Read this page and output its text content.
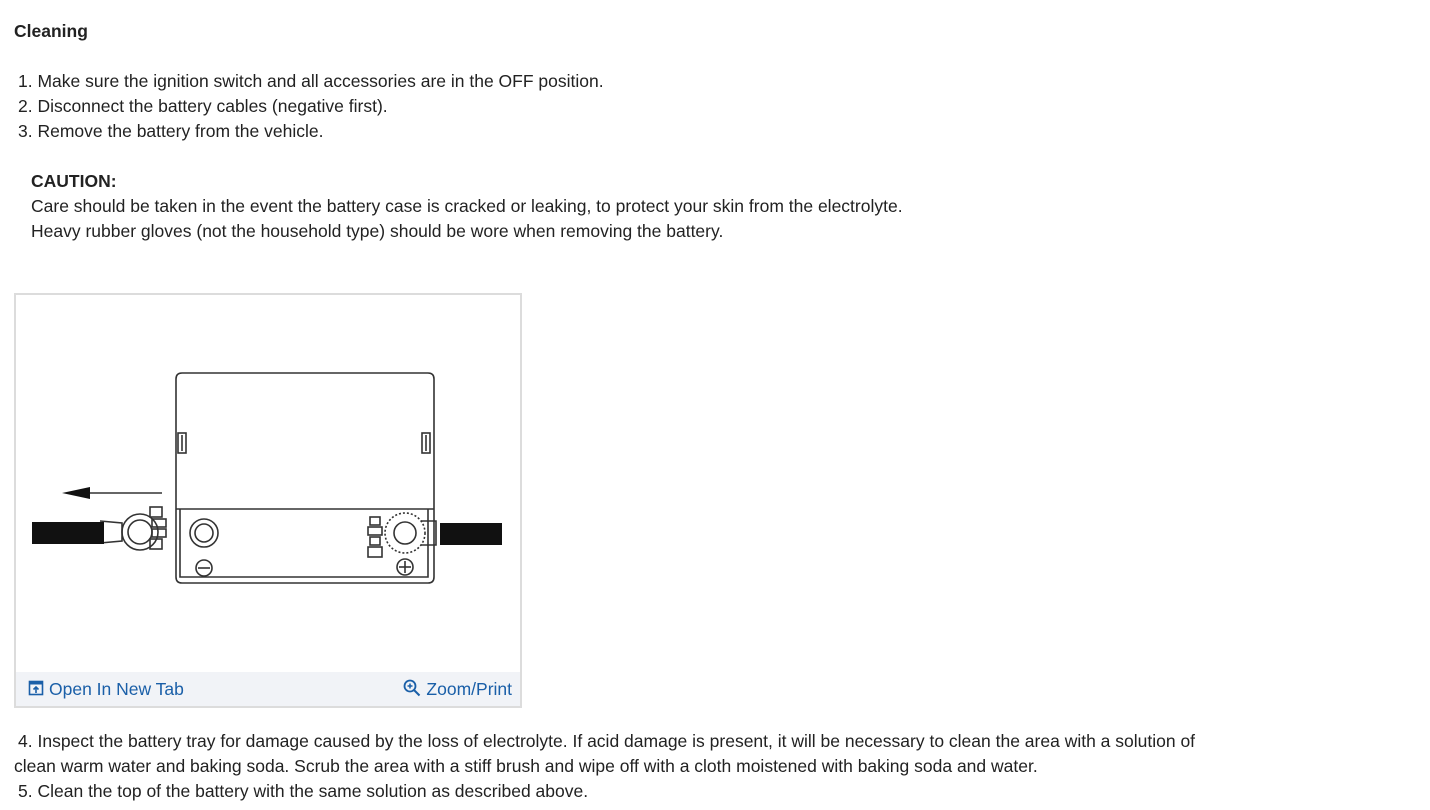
Cleaning
1. Make sure the ignition switch and all accessories are in the OFF position.
2. Disconnect the battery cables (negative first).
3. Remove the battery from the vehicle.
CAUTION:
Care should be taken in the event the battery case is cracked or leaking, to protect your skin from the electrolyte.
Heavy rubber gloves (not the household type) should be wore when removing the battery.
Open In New Tab	Zoom/Print
4. Inspect the battery tray for damage caused by the loss of electrolyte. If acid damage is present, it will be necessary to clean the area with a solution of
clean warm water and baking soda. Scrub the area with a stiff brush and wipe off with a cloth moistened with baking soda and water.
5. Clean the top of the battery with the same solution as described above.
